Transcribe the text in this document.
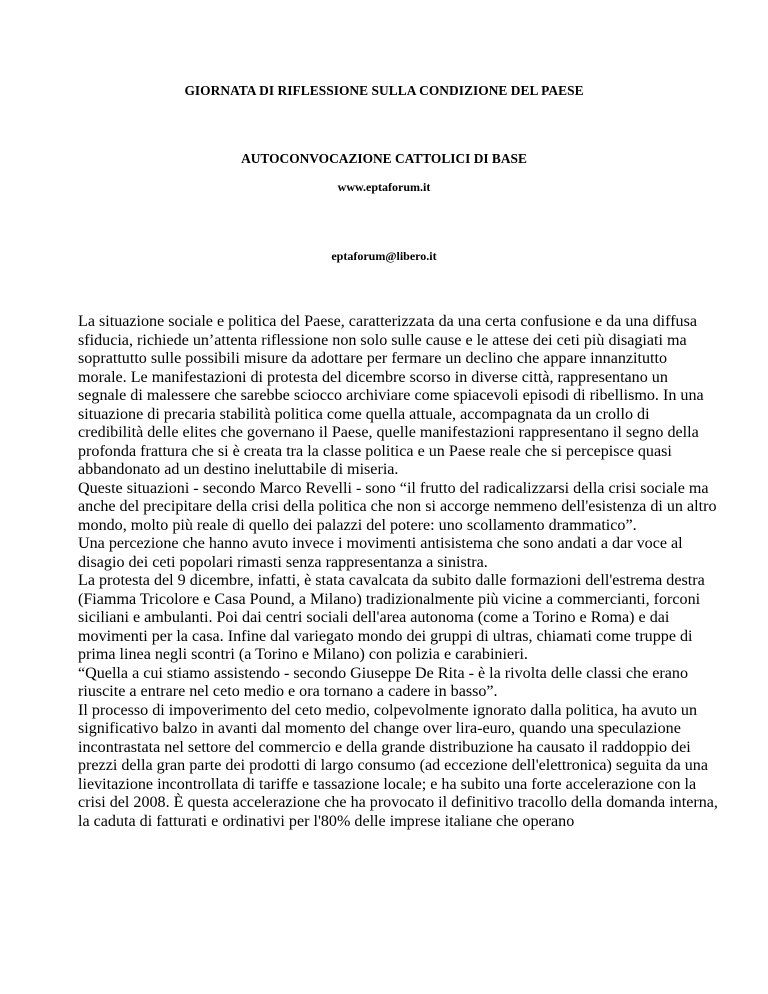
GIORNATA DI RIFLESSIONE SULLA CONDIZIONE DEL PAESE
AUTOCONVOCAZIONE CATTOLICI DI BASE
www.eptaforum.it
eptaforum@libero.it

La situazione sociale e politica del Paese, caratterizzata da una certa confusione e da una diffusa sfiducia, richiede un’attenta riflessione non solo sulle cause e le attese dei ceti più disagiati ma soprattutto sulle possibili misure da adottare per fermare un declino che appare innanzitutto morale. Le manifestazioni di protesta del dicembre scorso in diverse città, rappresentano un segnale di malessere che sarebbe sciocco archiviare come spiacevoli episodi di ribellismo. In una situazione di precaria stabilità politica come quella attuale, accompagnata da un crollo di credibilità delle elites che governano il Paese, quelle manifestazioni rappresentano il segno della profonda frattura che si è creata tra la classe politica e un Paese reale che si percepisce quasi abbandonato ad un destino ineluttabile di miseria.

Queste situazioni - secondo Marco Revelli - sono “il frutto del radicalizzarsi della crisi sociale ma anche del precipitare della crisi della politica che non si accorge nemmeno dell'esistenza di un altro mondo, molto più reale di quello dei palazzi del potere: uno scollamento drammatico”.

Una percezione che hanno avuto invece i movimenti antisistema che sono andati a dar voce al disagio dei ceti popolari rimasti senza rappresentanza a sinistra.

La protesta del 9 dicembre, infatti, è stata cavalcata da subito dalle formazioni dell'estrema destra (Fiamma Tricolore e Casa Pound, a Milano) tradizionalmente più vicine a commercianti, forconi siciliani e ambulanti. Poi dai centri sociali dell'area autonoma (come a Torino e Roma) e dai movimenti per la casa. Infine dal variegato mondo dei gruppi di ultras, chiamati come truppe di prima linea negli scontri (a Torino e Milano) con polizia e carabinieri.

“Quella a cui stiamo assistendo - secondo Giuseppe De Rita - è la rivolta delle classi che erano riuscite a entrare nel ceto medio e ora tornano a cadere in basso”.

Il processo di impoverimento del ceto medio, colpevolmente ignorato dalla politica, ha avuto un significativo balzo in avanti dal momento del change over lira-euro, quando una speculazione incontrastata nel settore del commercio e della grande distribuzione ha causato il raddoppio dei prezzi della gran parte dei prodotti di largo consumo (ad eccezione dell'elettronica) seguita da una lievitazione incontrollata di tariffe e tassazione locale; e ha subito una forte accelerazione con la crisi del 2008. È questa accelerazione che ha provocato il definitivo tracollo della domanda interna, la caduta di fatturati e ordinativi per l'80% delle imprese italiane che operano
